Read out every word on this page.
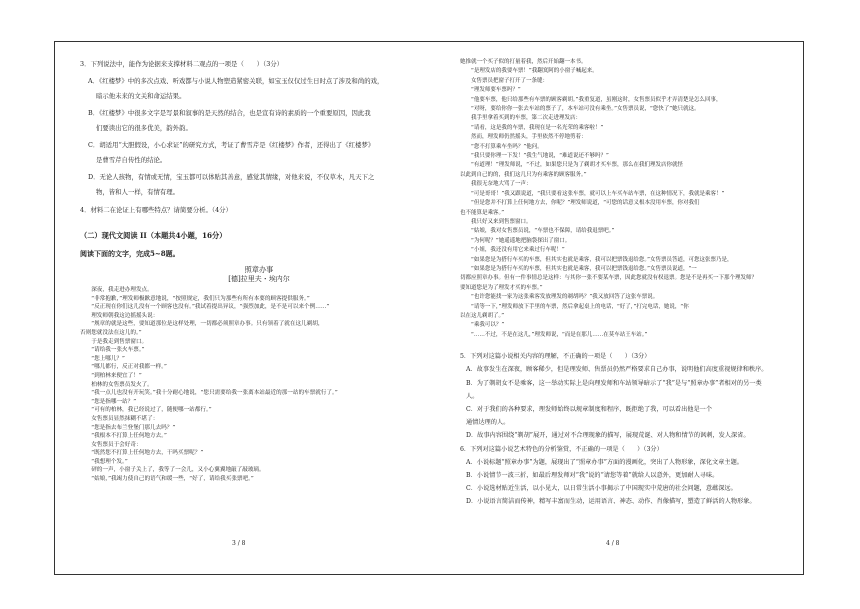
3．下列说法中，能作为论据来支撑材料二观点的一项是（　　）（3分）

A．《红楼梦》中的多次点戏、听戏都与小说人物塑造紧密关联，如宝玉仅仅过生日时点了涉及和尚的戏，

暗示他未来的文关和命运结果。

B．《红楼梦》中很多文字是写景和叙事的是天然的结合，也是宣有诗的素质的一个重要原因，因此我

们要读出它的很多优美，韵外韵。

C．胡适用“大胆假设，小心求证”的研究方式，考证了曹雪芹是《红楼梦》作者，还得出了《红楼梦》

是曹雪芹自传性的结论。

D．无论人孩物，有情或无情，宝玉都可以体贴其善意，感觉其情缘，对他来说，不仅草木，凡天下之

物，皆和人一样，有情有理。

4．材料二在论证上有哪些特点？请简要分析。（4分）

（二）现代文阅读 II（本题共4小题，16分）

阅读下面的文字，完成5~8题。

照章办事

[德]拉里夫・埃内尔

　　深夜，我走进办理发点。

　　“非常抱歉，”理发师极歉意地说，“按照规定，我们只为那些有所有本要的顾客提供服务。”

　　“反正现在你们这儿没有一个顾客也没有。”我试着提出异议，“强烈加此，是不是可以来个例……”

　　理发师朝我这边摇摇头说：

　　“规章的就是这些，要知道那位是这样处理，一切都必须照章办事。只有领着了就在这儿剃胡，

否则您就没法在这儿的。”

　　于是我走到售票窗口。

　　“请给我一张火车票。”

　　“您上哪儿？”

　　“哪儿都行，反正对我都一样。”

　　“到柏林来便宜了！”

　　柏林的女售票员发火了。

　　“我一点儿也没有开玩笑。”我十分耐心地说，“您只需要给我一张离本站最近的那一站的车票就行了。”

　　“您是指哪一站？”

　　“可有的柏林，我已经说过了，随便哪一站都行。”

　　女售票员显然抹糊不堪了：

　　“您是指去布兰登堡门那儿去吗？”

　　“我根本不打算上任何地方去。”

　　女售票员于会好奇：

　　“既然您不打算上任何地方去，干吗买票呢？”

　　“我想理个发。”

　　砰的一声，小窗子关上了，我等了一会儿，又小心翼翼地敲了敲玻璃。

　　“姑娘，”我竭力使自己的语气和缓一些，“好了，请给我买张票吧。”

3 / 8

她推就一个买子似的打量着我，然后开始翻一本书。

　　“是理发店的我要车票！”我翻寞阿的小窗子喊起来。

　　女售票员把窗子打开了一条缝：

　　“理发师要车票吗？”

　　“他要车票，他只给那些有车票的顾客剃胡。”我重复道，虽刚这时，女售票员似乎才弄清楚是怎么回事，

　　“对呀，要给你你一张去车站的票子了，本车站可没有乘坐。”女售票员说，“您快了”她只就这。

　　我手里拿着买到的车票，第二次走进理发店：

　　“请看，这是我的车票，我现在是一名光荣的乘客啦！”

　　然而，理发师仍然摇头，手里依然不停地剪着：

　　“您不打算乘车坐吗？”他问。

　　“我只要你理一下发！”我生气地说，“难道说还不够吗？”

　　“有道理！”理发师说，“不过，如果您只是为了剃胡才买车票，那么在我们理发店你就怪

以此到自己的的，我们这几只为有乘客的顾客服务。”

　　我很无奈地大骂了一声：

　　“可是哥哥！”我又跟说道，“我只要看这张车票，就可以上车买车站车票，在这种情况下，我就是乘客！”

　　“但是您并不打算上任何地方去，你呢？”理发师说道，“可您的话意义根本没用车票，你对我们

也不能算是乘客。”

　　我只好又来到售票窗口。

　　“姑娘，我对女售票员说，“车票也不保障，请给我退票吧。”

　　“为何呢？”她遥遥地把脑袋探出了窗口。

　　“小姐，我还没有用它来乘过行车呢！”

　　“如果您是为搭行车买的车票，但其实也就是乘客，我可以把票钱退给您。”女售票员答道，可您这张票乃是，

　　“如果您是为搭行车买的车票，但其实也就是乘客，我可以把票钱退给您。”女售票员说道，“一

切都应照章办事。但有一件事情总是这样：与其你一张不要某车票，因此您就没有权退票。您是不是再买一下那个理发师？

要知道您是为了理发才买的车票。”

　　“也许您能找一家为这张乘客发放理发的剃胡吗？”我又放回答了这张车票说。

　　“请等一下，”理发师放下手里的车票，然后拿起桌上的电话，“好了，”打完电话，她说，“你

以在这儿剃胡了。”

　　“乘我可以？”

　　“……不过，不是在这儿，”理发师说，“而是在那儿……在莫车站王车站。”

5．下列对这篇小说相关内容的理解，不正确的一项是（　　）（3分）

A．故事发生在深夜，顾客稀少，但是理发师、售票员仍然严格要求自己办事，说明他们高度重视规律和秩序。

B．为了剃胡女不是乘客，这一举动实际上是向理发师和车站领导暗示了“我”是与“照章办事”者相对的另一类

人。

C．对于我们的各种要求，理发师始终以规章制度和程序，既拒绝了我，可以看出他是一个

通情达理的人。

D．故事内容围绕“剃胡”展开，通过对不合理现象的描写，展现荒诞、对人物和情节的讽刺，发人深省。

6．下列对这篇小说艺术特色的分析鉴赏，不正确的一项是（　　）（3分）

A．小说标题“照章办事”为题，展现出了“照章办事”方面的漫画化，突出了人物形象，深化文章主题。

B．小说情节一波三折，如最后理发师对“我”说的“请您等着”就给人以意外，更加耐人寻味。

C．小说选材贴近生活，以小见大，以日常生活小事揭示了中国现实中荒唐的社会问题，意蕴深远。

D．小说语言简洁而传神，精写丰富而生动，运用语言、神态、动作、肖像描写，塑造了鲜活的人物形象。

4 / 8
